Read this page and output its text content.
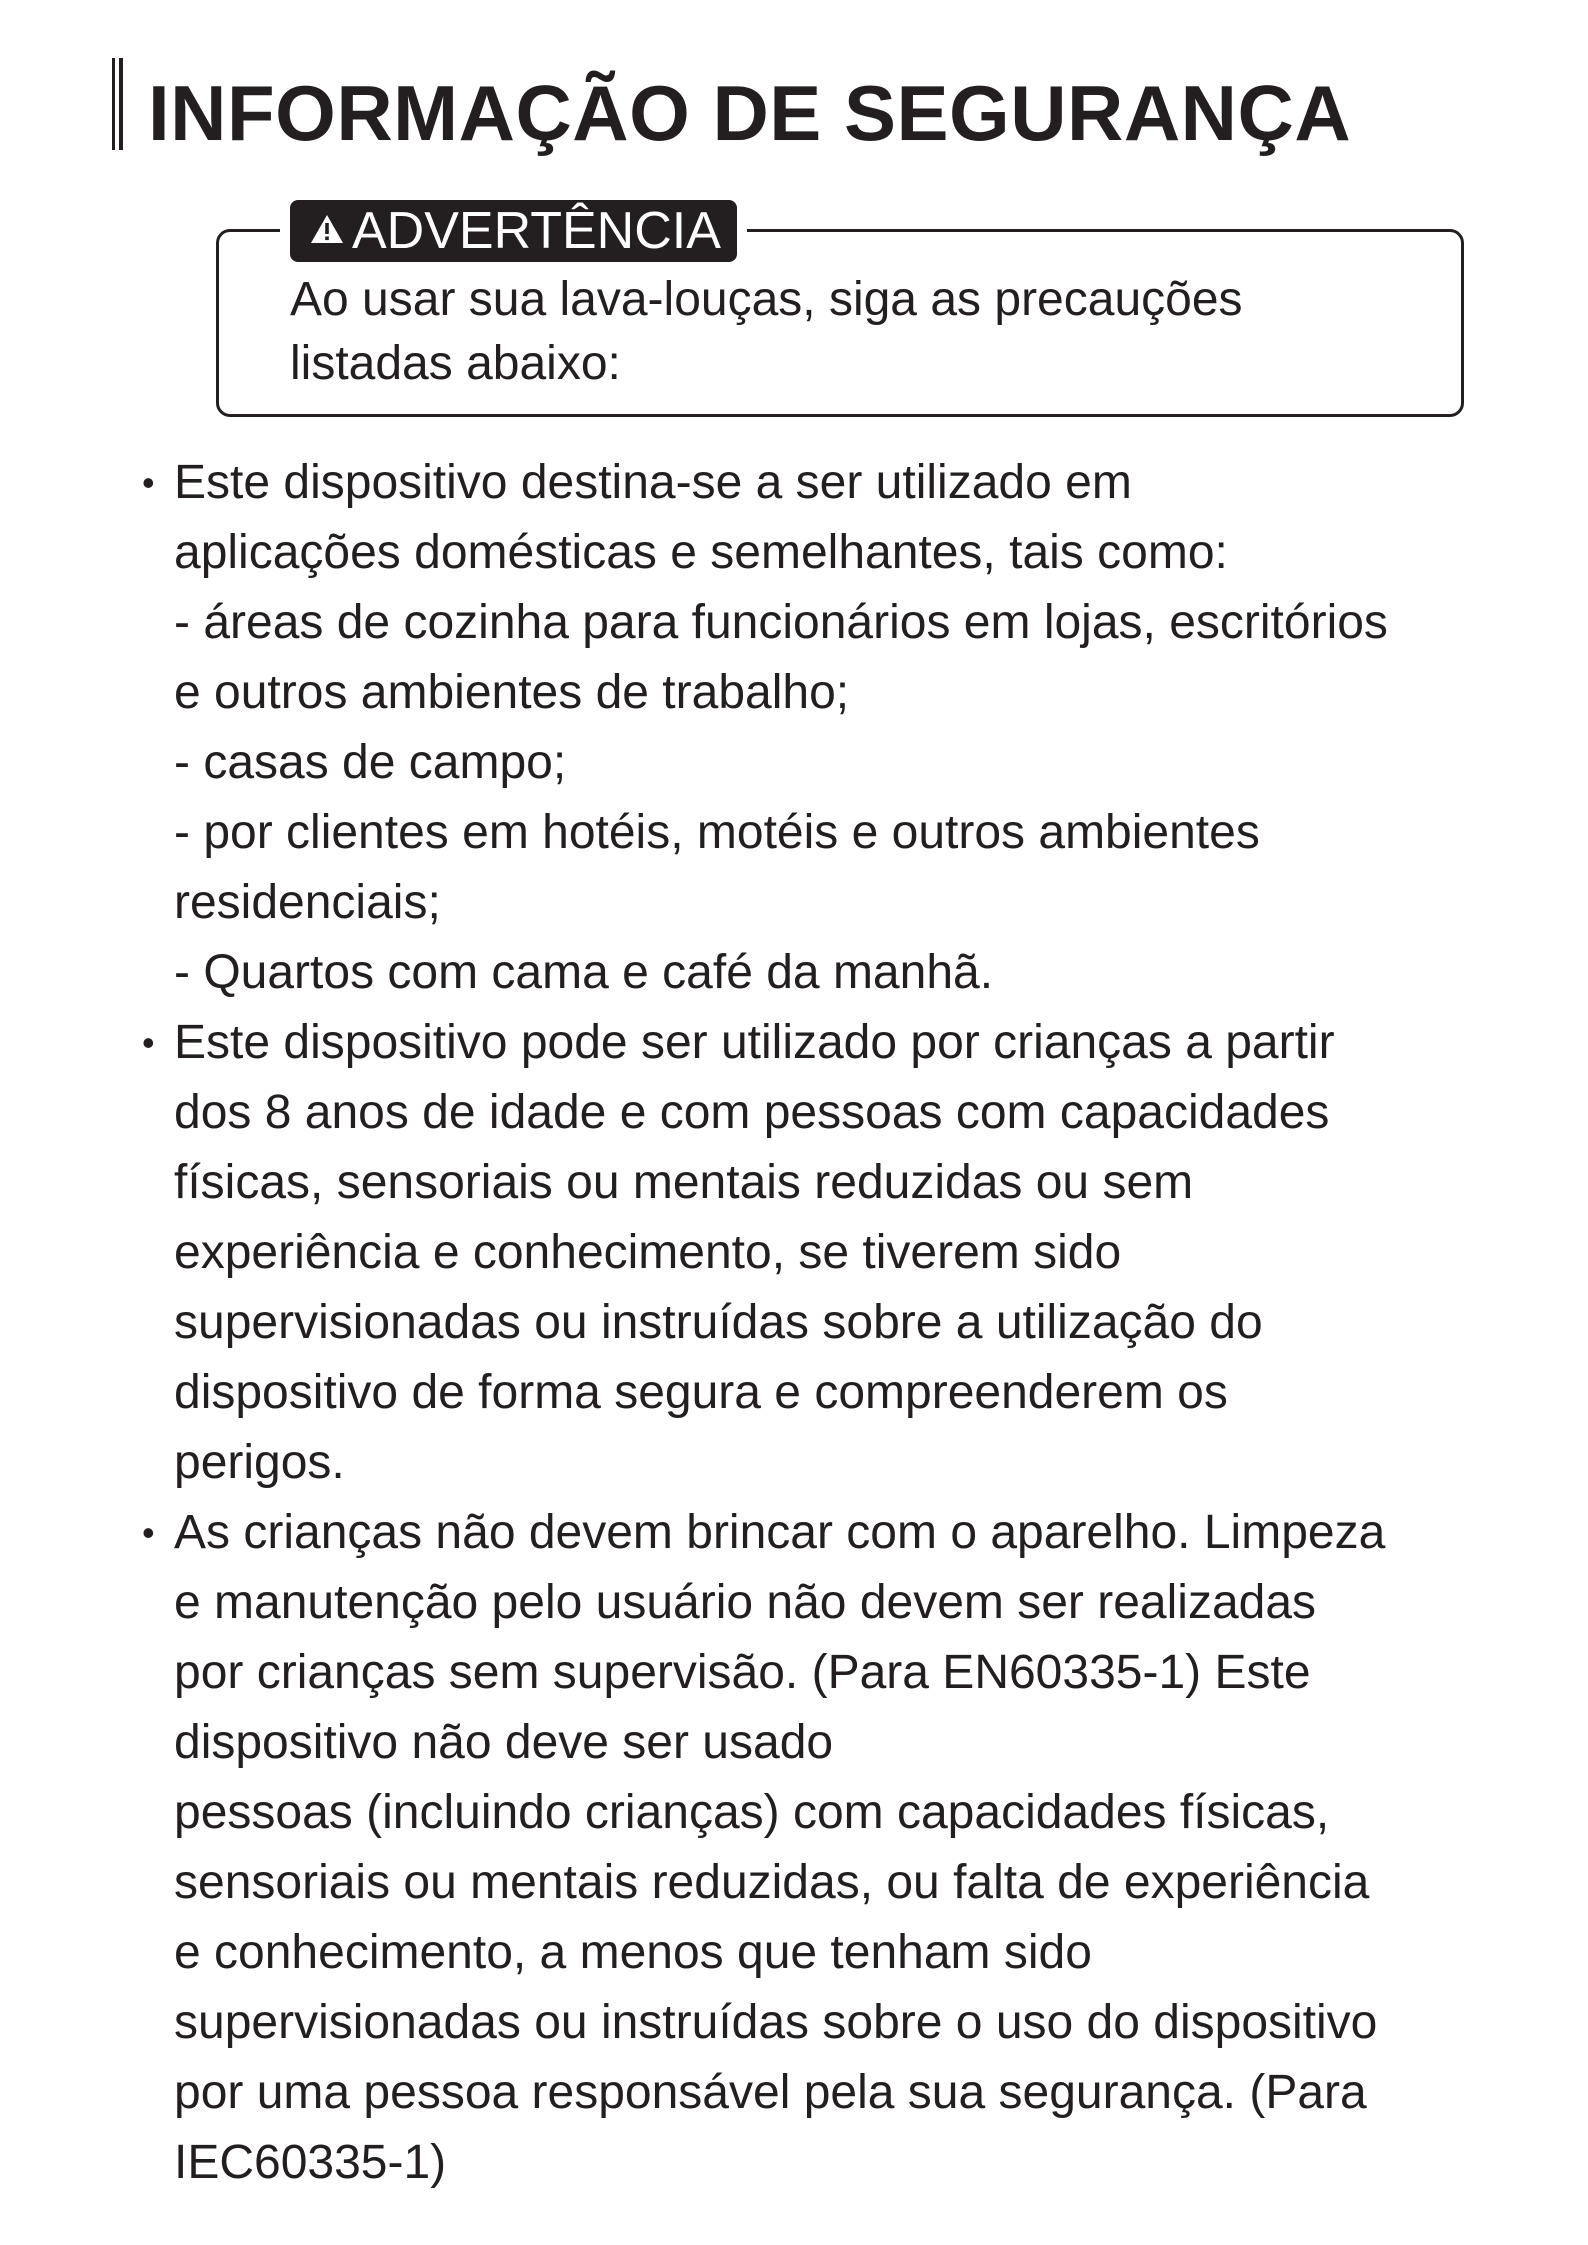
INFORMAÇÃO DE SEGURANÇA
ADVERTÊNCIA
Ao usar sua lava-louças, siga as precauções
listadas abaixo:
• Este dispositivo destina-se a ser utilizado em
aplicações domésticas e semelhantes, tais como:
- áreas de cozinha para funcionários em lojas, escritórios
e outros ambientes de trabalho;
- casas de campo;
- por clientes em hotéis, motéis e outros ambientes
residenciais;
- Quartos com cama e café da manhã.
• Este dispositivo pode ser utilizado por crianças a partir
dos 8 anos de idade e com pessoas com capacidades
físicas, sensoriais ou mentais reduzidas ou sem
experiência e conhecimento, se tiverem sido
supervisionadas ou instruídas sobre a utilização do
dispositivo de forma segura e compreenderem os
perigos.
• As crianças não devem brincar com o aparelho. Limpeza
e manutenção pelo usuário não devem ser realizadas
por crianças sem supervisão. (Para EN60335-1) Este
dispositivo não deve ser usado
pessoas (incluindo crianças) com capacidades físicas,
sensoriais ou mentais reduzidas, ou falta de experiência
e conhecimento, a menos que tenham sido
supervisionadas ou instruídas sobre o uso do dispositivo
por uma pessoa responsável pela sua segurança. (Para
IEC60335-1)
